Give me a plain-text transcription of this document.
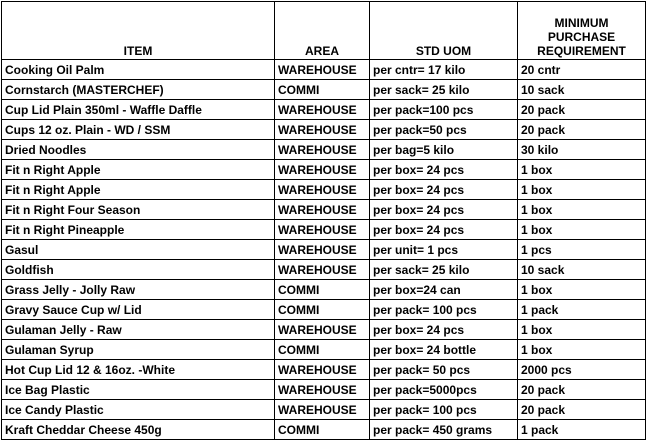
ITEM	AREA	STD UOM	MINIMUM
PURCHASE
REQUIREMENT
Cooking Oil Palm	WAREHOUSE	per cntr= 17 kilo	20 cntr
Cornstarch (MASTERCHEF)	COMMI	per sack= 25 kilo	10 sack
Cup Lid Plain 350ml - Waffle Daffle	WAREHOUSE	per pack=100 pcs	20 pack
Cups 12 oz. Plain - WD / SSM	WAREHOUSE	per pack=50 pcs	20 pack
Dried Noodles	WAREHOUSE	per bag=5 kilo	30 kilo
Fit n Right Apple	WAREHOUSE	per box= 24 pcs	1 box
Fit n Right Apple	WAREHOUSE	per box= 24 pcs	1 box
Fit n Right Four Season	WAREHOUSE	per box= 24 pcs	1 box
Fit n Right Pineapple	WAREHOUSE	per box= 24 pcs	1 box
Gasul	WAREHOUSE	per unit= 1 pcs	1 pcs
Goldfish	WAREHOUSE	per sack= 25 kilo	10 sack
Grass Jelly - Jolly Raw	COMMI	per box=24 can	1 box
Gravy Sauce Cup w/ Lid	COMMI	per pack= 100 pcs	1 pack
Gulaman Jelly - Raw	WAREHOUSE	per box= 24 pcs	1 box
Gulaman Syrup	COMMI	per box= 24 bottle	1 box
Hot Cup Lid 12 & 16oz. -White	WAREHOUSE	per pack= 50 pcs	2000 pcs
Ice Bag Plastic	WAREHOUSE	per pack=5000pcs	20 pack
Ice Candy Plastic	WAREHOUSE	per pack= 100 pcs	20 pack
Kraft Cheddar Cheese 450g	COMMI	per pack= 450 grams	1 pack
